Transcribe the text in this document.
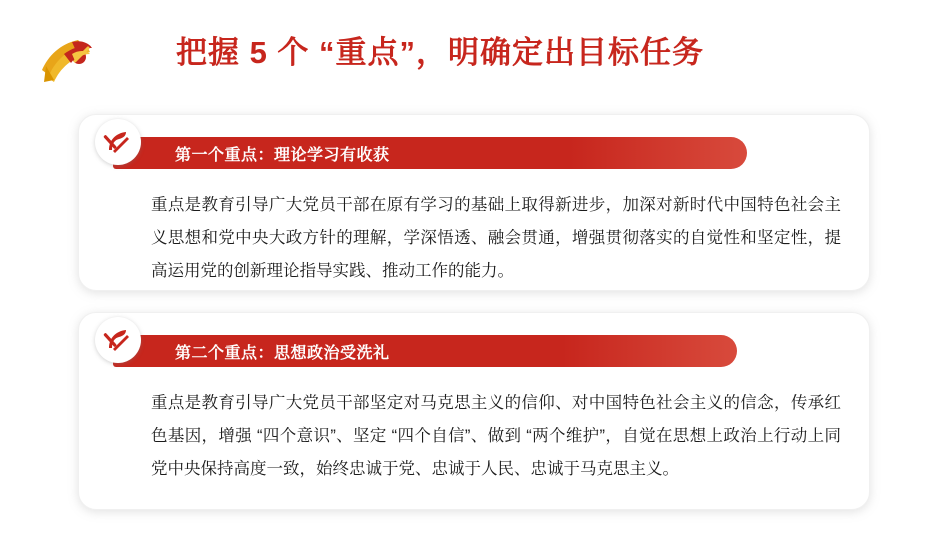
把握 5 个 “重点”，明确定出目标任务
第一个重点：理论学习有收获
重点是教育引导广大党员干部在原有学习的基础上取得新进步，加深对新时代中国特色社会主义思想和党中央大政方针的理解，学深悟透、融会贯通，增强贯彻落实的自觉性和坚定性，提高运用党的创新理论指导实践、推动工作的能力。
第二个重点：思想政治受洗礼
重点是教育引导广大党员干部坚定对马克思主义的信仰、对中国特色社会主义的信念，传承红色基因，增强 “四个意识”、坚定 “四个自信”、做到 “两个维护”，自觉在思想上政治上行动上同党中央保持高度一致，始终忠诚于党、忠诚于人民、忠诚于马克思主义。
